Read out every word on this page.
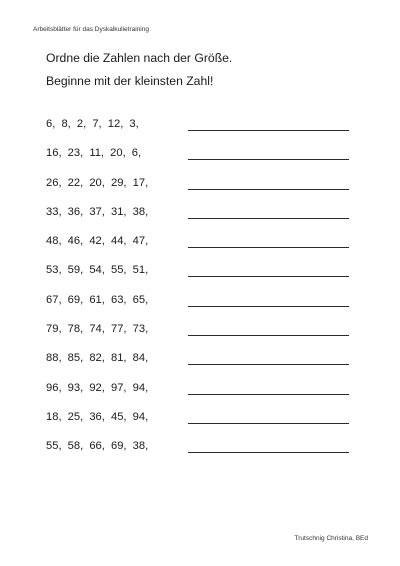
Arbeitsblätter für das Dyskalkulietraining
Ordne die Zahlen nach der Größe.
Beginne mit der kleinsten Zahl!
6, 8, 2, 7, 12, 3,
16, 23, 11, 20, 6,
26, 22, 20, 29, 17,
33, 36, 37, 31, 38,
48, 46, 42, 44, 47,
53, 59, 54, 55, 51,
67, 69, 61, 63, 65,
79, 78, 74, 77, 73,
88, 85, 82, 81, 84,
96, 93, 92, 97, 94,
18, 25, 36, 45, 94,
55, 58, 66, 69, 38,
Trutschnig Christina, BEd
